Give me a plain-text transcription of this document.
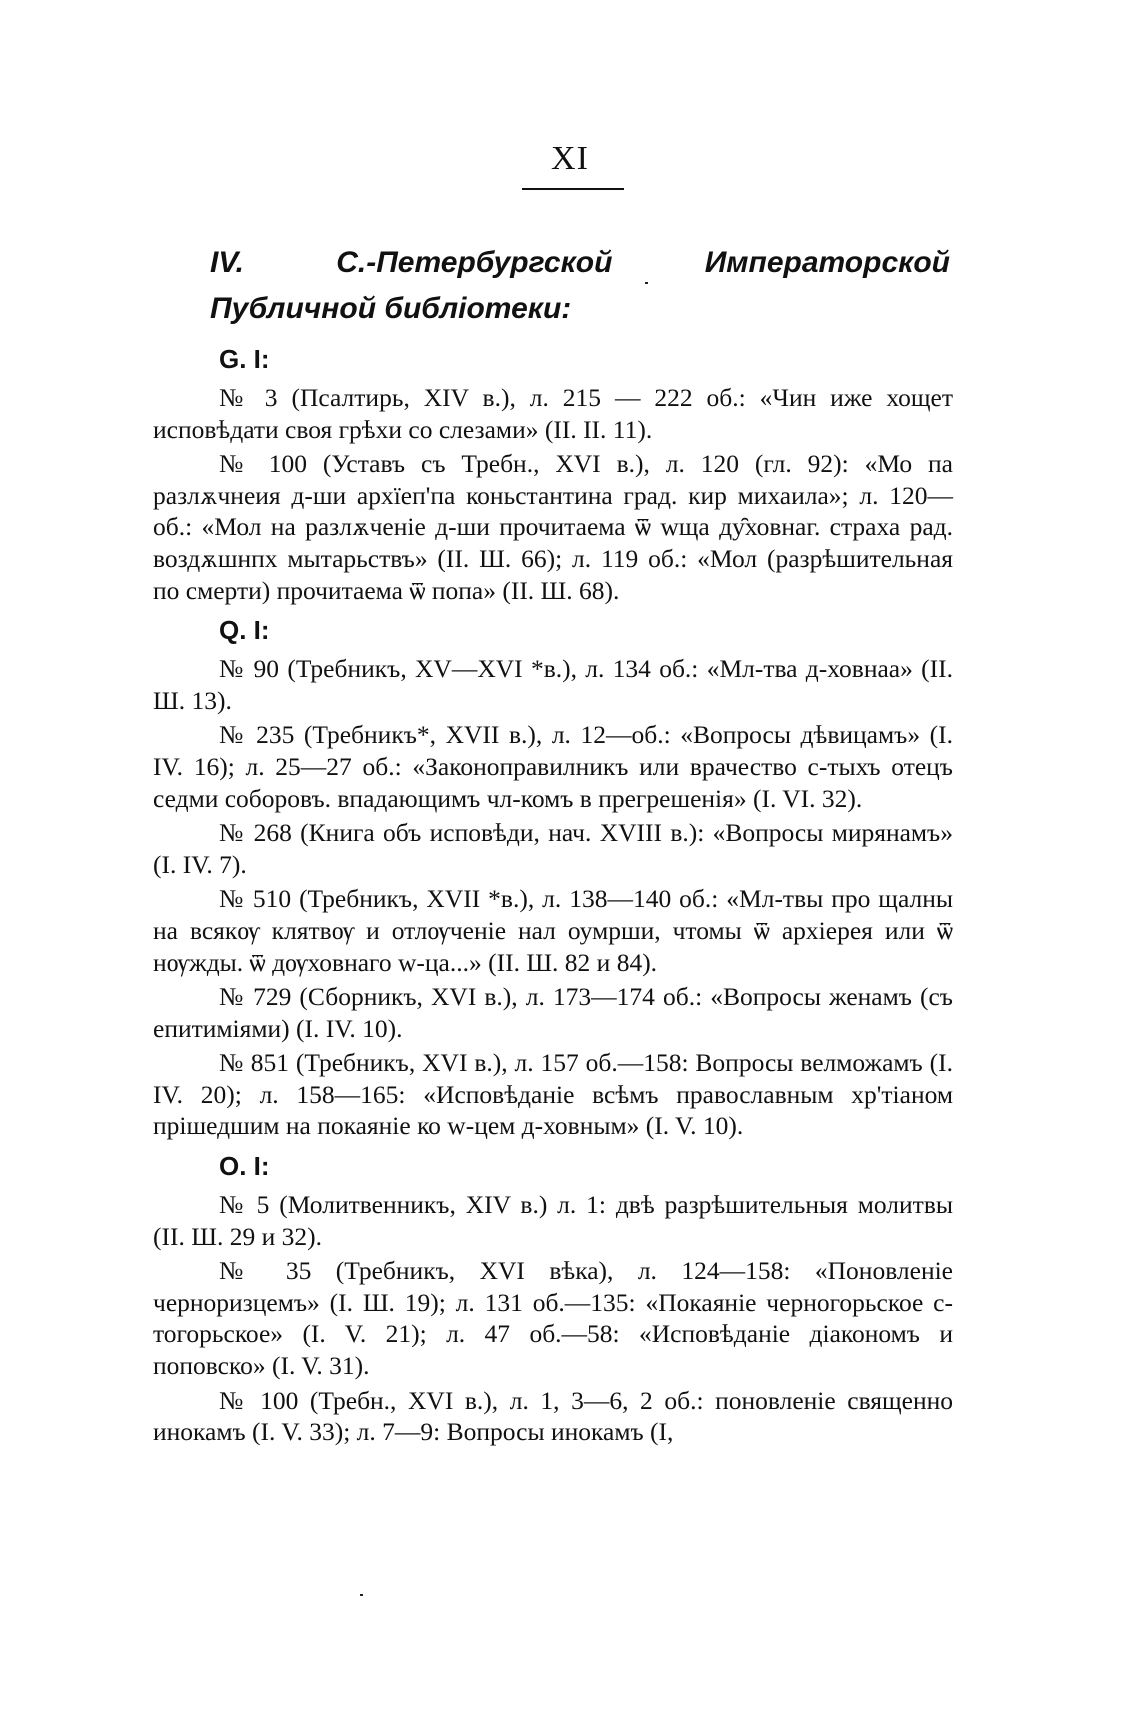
XI
IV. С.-Петербургской Императорской Публичной библіотеки:
G. I:

№ 3 (Псалтирь, XIV в.), л. 215 — 222 об.: «Чин иже хощет исповѣдати своя грѣхи со слезами» (II. II. 11).

№ 100 (Уставъ съ Требн., XVI в.), л. 120 (гл. 92): «Мо па разлѫчнеия д-ши архїеп'па коньстантина град. кир михаила»; л. 120—об.: «Мол на разлѫченіе д-ши прочитаема ѿ wща ду̑ховнаг. страха рад. воздѫшнпх мытарьствъ» (II. Ш. 66); л. 119 об.: «Мол (разрѣшительная по смерти) прочитаема ѿ попа» (II. Ш. 68).

Q. I:

№ 90 (Требникъ, XV—XVI *в.), л. 134 об.: «Мл-тва д-ховнаа» (II. Ш. 13).

№ 235 (Требникъ*, XVII в.), л. 12—об.: «Вопросы дѣвицамъ» (I. IV. 16); л. 25—27 об.: «Законоправилникъ или врачество с-тыхъ отецъ седми соборовъ. впадающимъ чл-комъ в прегрешенія» (I. VI. 32).

№ 268 (Книга объ исповѣди, нач. XVIII в.): «Вопросы мирянамъ» (I. IV. 7).

№ 510 (Требникъ, XVII *в.), л. 138—140 об.: «Мл-твы про щалны на всякѹ клятвѹ и отлѹченіе нал оумрши, чтомы ѿ архіерея или ѿ нѹжды. ѿ дѹховнаго w-ца...» (II. Ш. 82 и 84).

№ 729 (Сборникъ, XVI в.), л. 173—174 об.: «Вопросы женамъ (съ епитиміями) (I. IV. 10).

№ 851 (Требникъ, XVI в.), л. 157 об.—158: Вопросы велможамъ (I. IV. 20); л. 158—165: «Исповѣданіе всѣмъ православным хр'тіаном прішедшим на покаяніе ко w-цем д-ховным» (I. V. 10).

O. I:

№ 5 (Молитвенникъ, XIV в.) л. 1: двѣ разрѣшительныя молитвы (II. Ш. 29 и 32).

№ 35 (Требникъ, XVI вѣка), л. 124—158: «Поновленіе черноризцемъ» (I. Ш. 19); л. 131 об.—135: «Покаяніе черногорьское с-тогорьское» (I. V. 21); л. 47 об.—58: «Исповѣданіе діакономъ и поповско» (I. V. 31).

№ 100 (Требн., XVI в.), л. 1, 3—6, 2 об.: поновленіе священно инокамъ (I. V. 33); л. 7—9: Вопросы инокамъ (I,
